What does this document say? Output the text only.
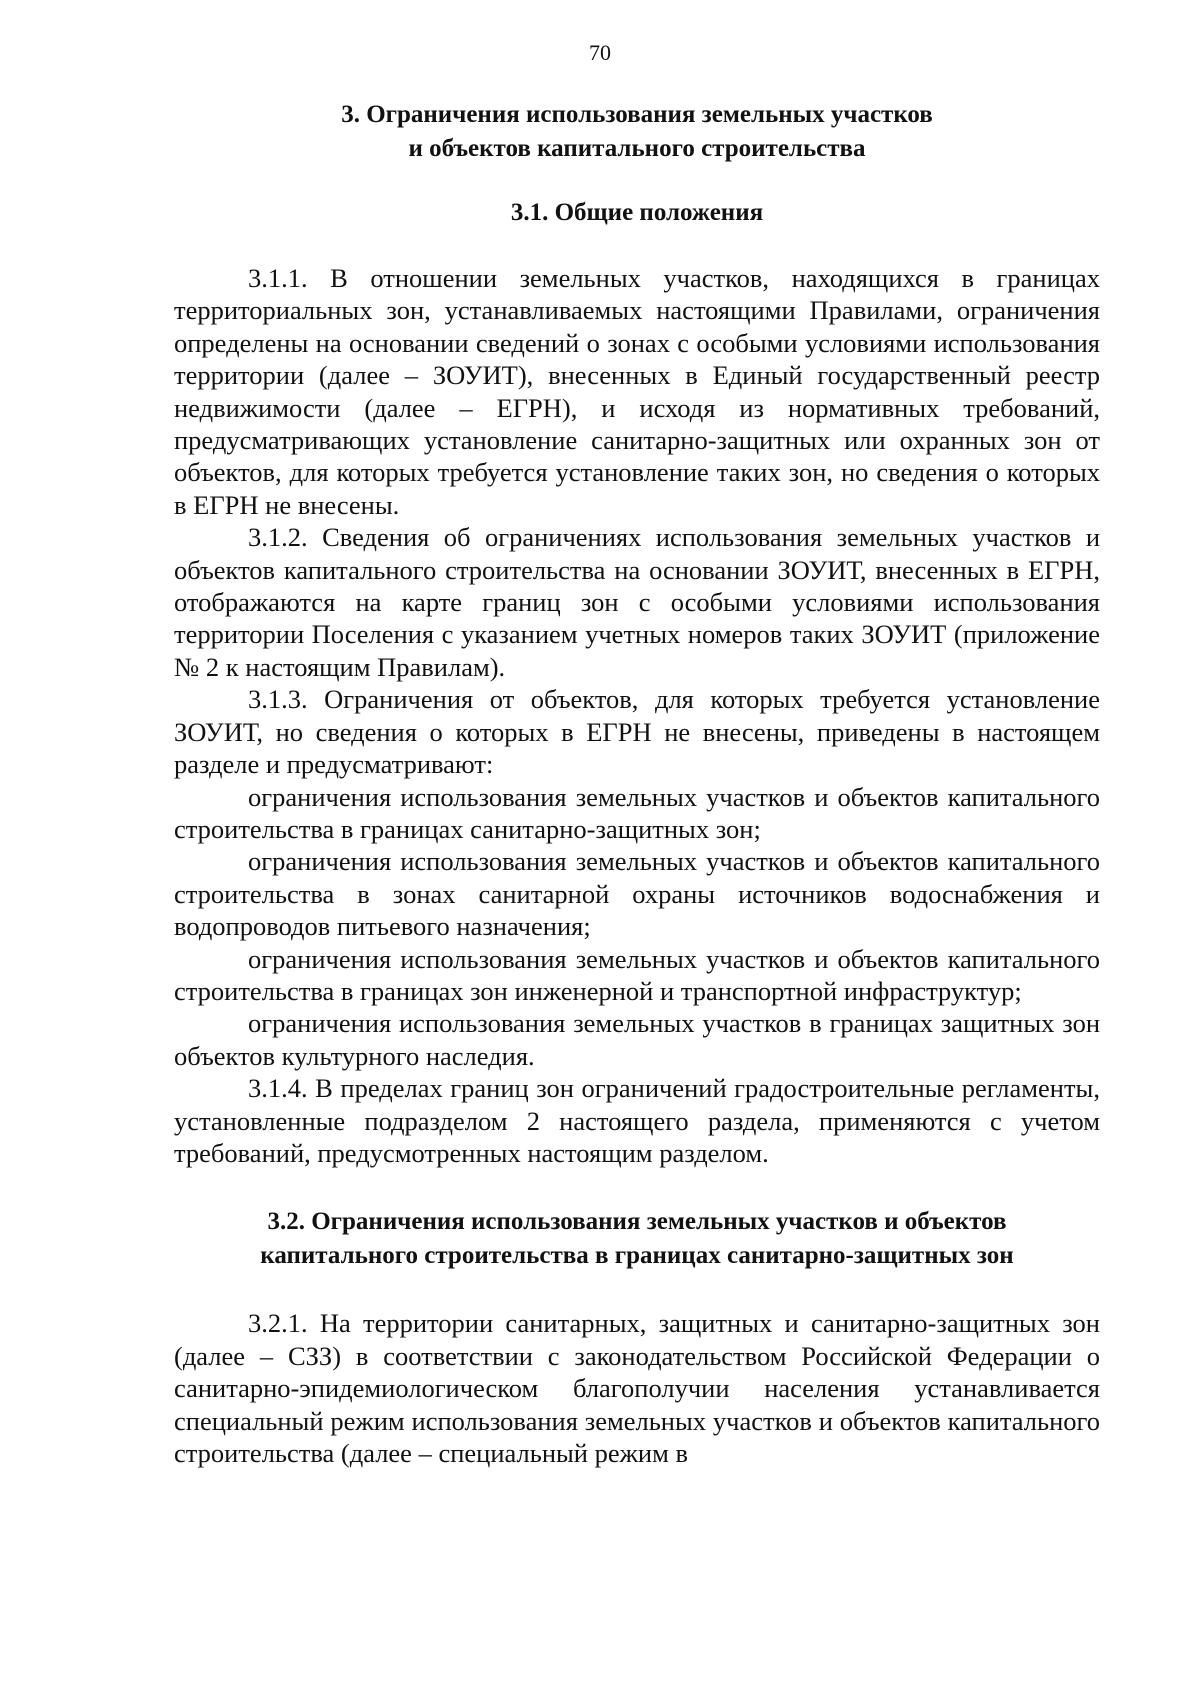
70
3. Ограничения использования земельных участков
и объектов капитального строительства
3.1. Общие положения

3.1.1. В отношении земельных участков, находящихся в границах территориальных зон, устанавливаемых настоящими Правилами, ограничения определены на основании сведений о зонах с особыми условиями использования территории (далее – ЗОУИТ), внесенных в Единый государственный реестр недвижимости (далее – ЕГРН), и исходя из нормативных требований, предусматривающих установление санитарно-защитных или охранных зон от объектов, для которых требуется установление таких зон, но сведения о которых в ЕГРН не внесены.

3.1.2. Сведения об ограничениях использования земельных участков и объектов капитального строительства на основании ЗОУИТ, внесенных в ЕГРН, отображаются на карте границ зон с особыми условиями использования территории Поселения с указанием учетных номеров таких ЗОУИТ (приложение № 2 к настоящим Правилам).

3.1.3. Ограничения от объектов, для которых требуется установление ЗОУИТ, но сведения о которых в ЕГРН не внесены, приведены в настоящем разделе и предусматривают:

ограничения использования земельных участков и объектов капитального строительства в границах санитарно-защитных зон;

ограничения использования земельных участков и объектов капитального строительства в зонах санитарной охраны источников водоснабжения и водопроводов питьевого назначения;

ограничения использования земельных участков и объектов капитального строительства в границах зон инженерной и транспортной инфраструктур;

ограничения использования земельных участков в границах защитных зон объектов культурного наследия.

3.1.4. В пределах границ зон ограничений градостроительные регламенты, установленные подразделом 2 настоящего раздела, применяются с учетом требований, предусмотренных настоящим разделом.

3.2. Ограничения использования земельных участков и объектов
капитального строительства в границах санитарно-защитных зон

3.2.1. На территории санитарных, защитных и санитарно-защитных зон (далее – СЗЗ) в соответствии с законодательством Российской Федерации о санитарно-эпидемиологическом благополучии населения устанавливается специальный режим использования земельных участков и объектов капитального строительства (далее – специальный режим в
